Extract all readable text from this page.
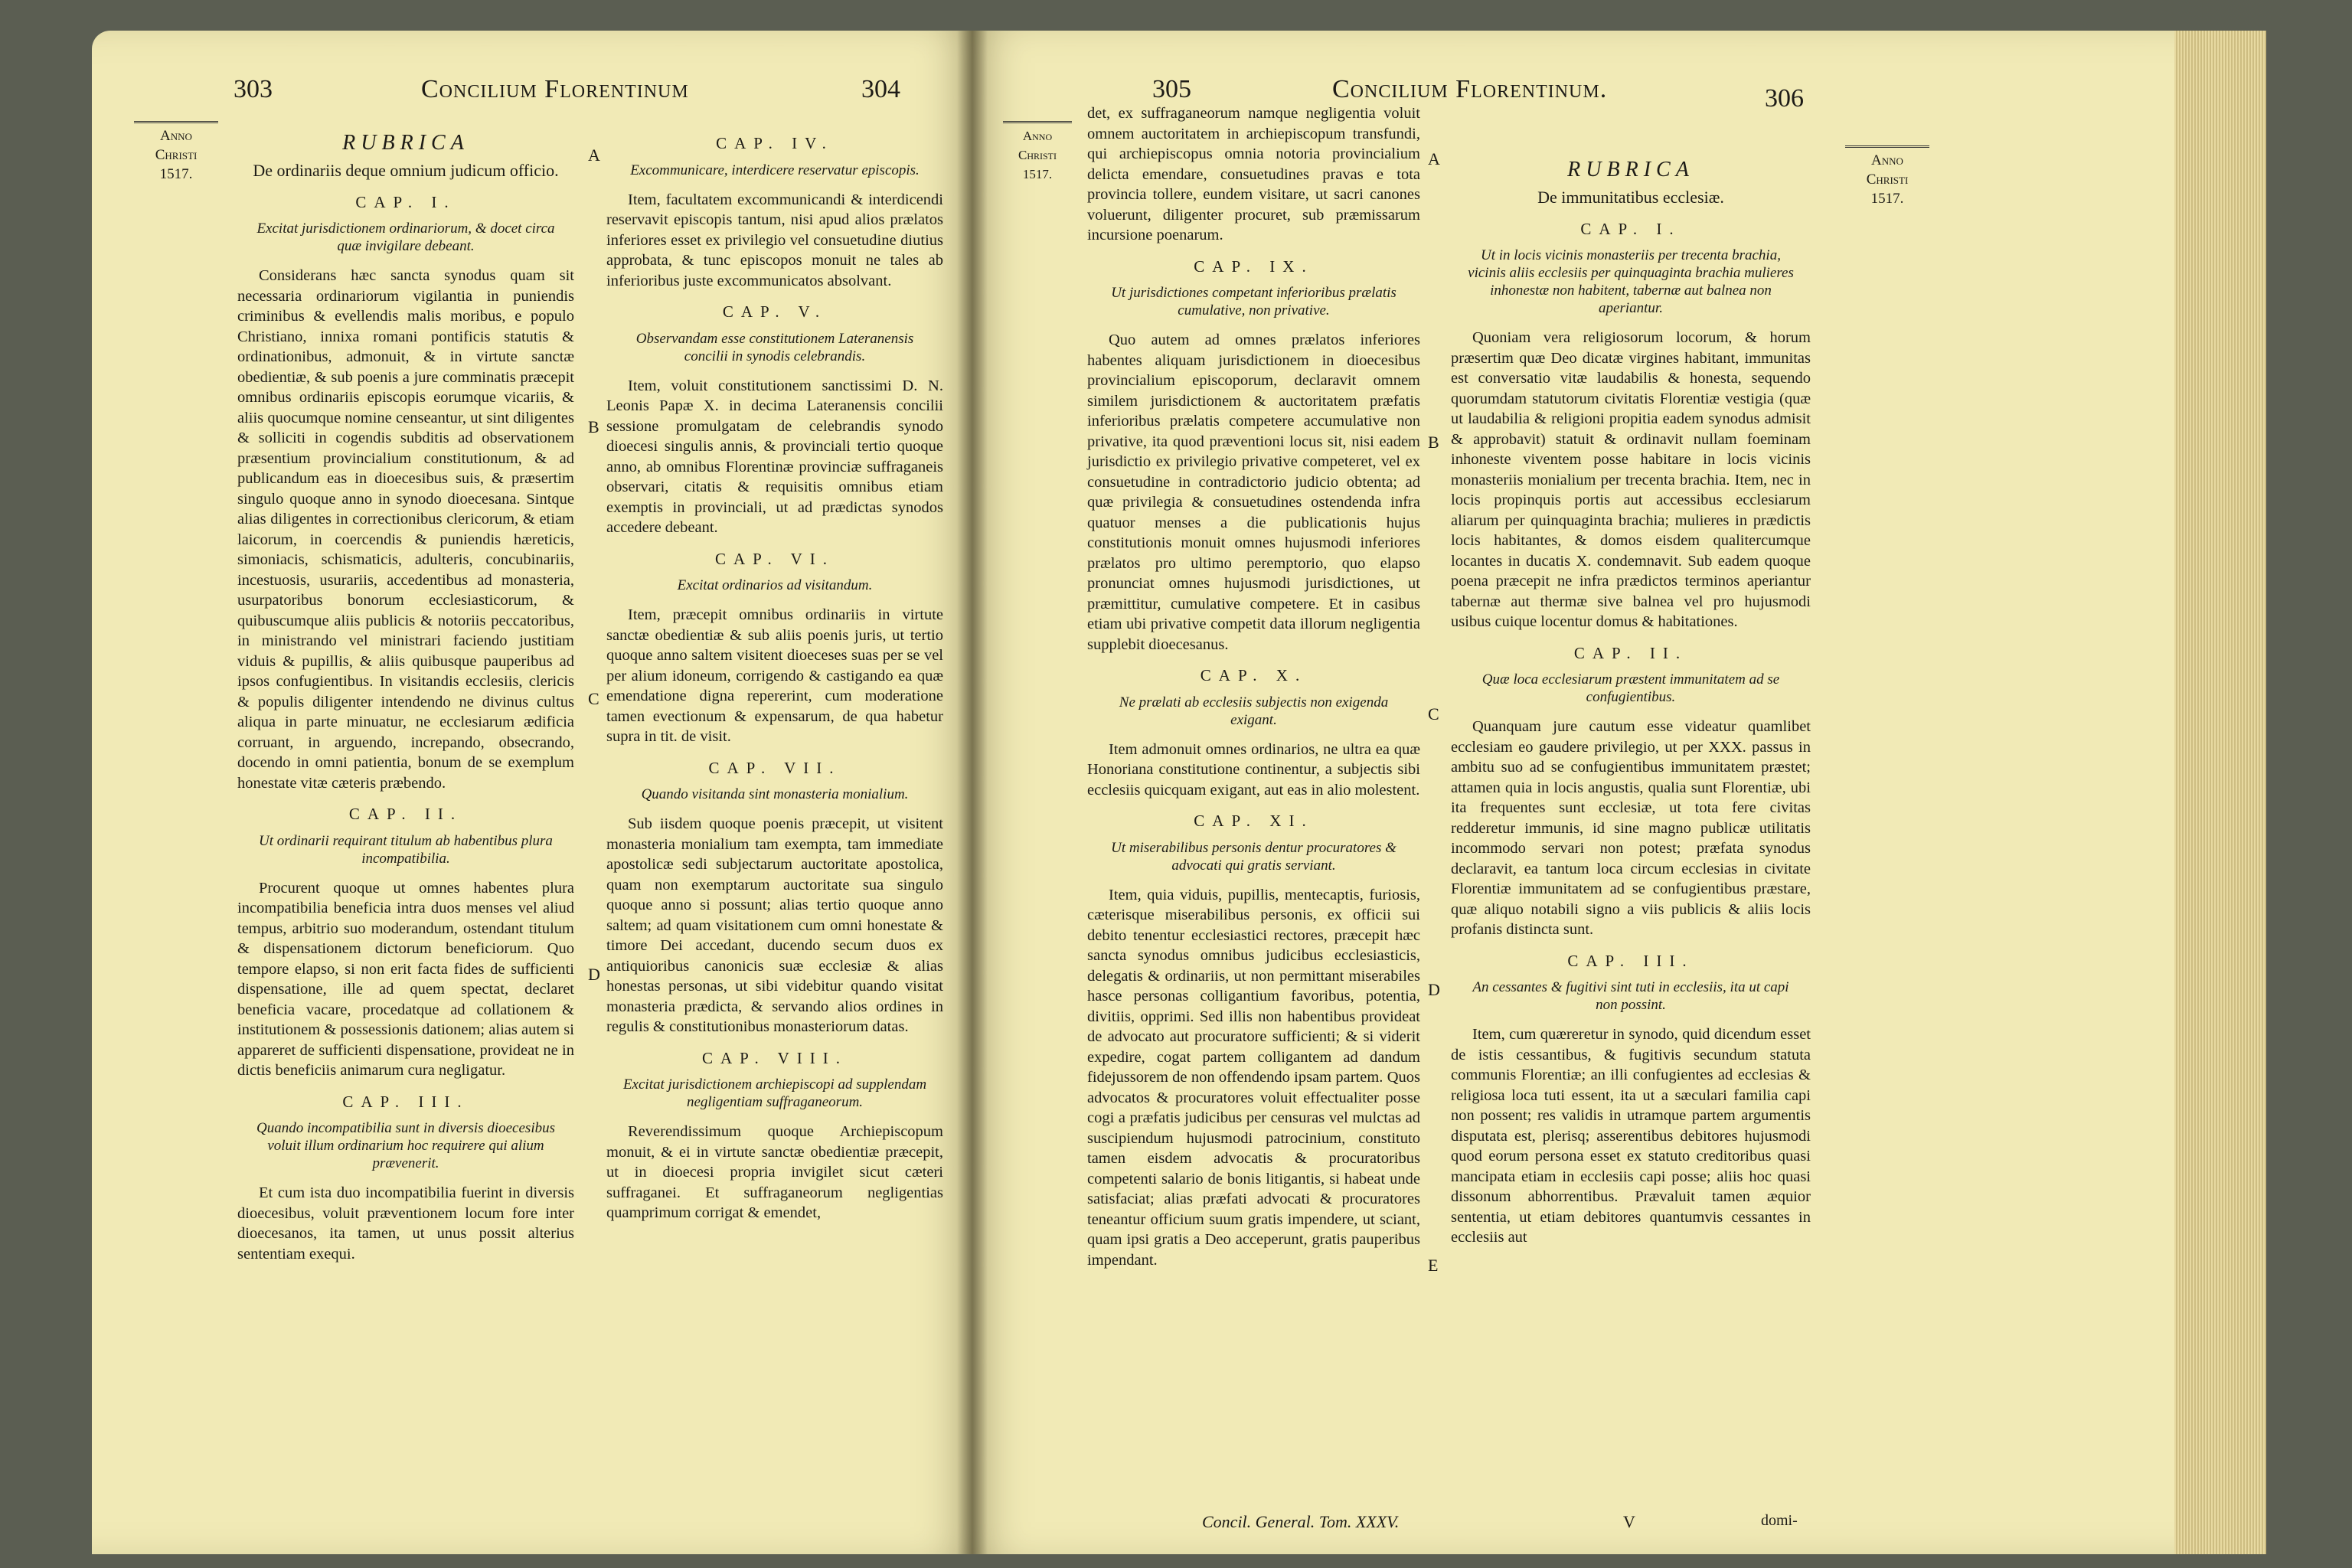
303	Concilium Florentinum	304
Anno
Christi
1517.
RUBRICA
De ordinariis deque omnium judicum officio.
CAP. I.
Excitat jurisdictionem ordinariorum, & docet circa quæ invigilare debeant.

Considerans hæc sancta synodus quam sit necessaria ordinariorum vigilantia in puniendis criminibus & evellendis malis moribus, e populo Christiano, innixa romani pontificis statutis & ordinationibus, admonuit, & in virtute sanctæ obedientiæ, & sub poenis a jure comminatis præcepit omnibus ordinariis episcopis eorumque vicariis, & aliis quocumque nomine censeantur, ut sint diligentes & solliciti in cogendis subditis ad observationem præsentium provincialium constitutionum, & ad publicandum eas in dioecesibus suis, & præsertim singulo quoque anno in synodo dioecesana. Sintque alias diligentes in correctionibus clericorum, & etiam laicorum, in coercendis & puniendis hæreticis, simoniacis, schismaticis, adulteris, concubinariis, incestuosis, usurariis, accedentibus ad monasteria, usurpatoribus bonorum ecclesiasticorum, & quibuscumque aliis publicis & notoriis peccatoribus, in ministrando vel ministrari faciendo justitiam viduis & pupillis, & aliis quibusque pauperibus ad ipsos confugientibus. In visitandis ecclesiis, clericis & populis diligenter intendendo ne divinus cultus aliqua in parte minuatur, ne ecclesiarum ædificia corruant, in arguendo, increpando, obsecrando, docendo in omni patientia, bonum de se exemplum honestate vitæ cæteris præbendo.

CAP. II.
Ut ordinarii requirant titulum ab habentibus plura incompatibilia.

Procurent quoque ut omnes habentes plura incompatibilia beneficia intra duos menses vel aliud tempus, arbitrio suo moderandum, ostendant titulum & dispensationem dictorum beneficiorum. Quo tempore elapso, si non erit facta fides de sufficienti dispensatione, ille ad quem spectat, declaret beneficia vacare, procedatque ad collationem & institutionem & possessionis dationem; alias autem si appareret de sufficienti dispensatione, provideat ne in dictis beneficiis animarum cura negligatur.

CAP. III.
Quando incompatibilia sunt in diversis dioecesibus voluit illum ordinarium hoc requirere qui alium prævenerit.

Et cum ista duo incompatibilia fuerint in diversis dioecesibus, voluit præventionem locum fore inter dioecesanos, ita tamen, ut unus possit alterius sententiam exequi.

A
B
C
D
CAP. IV.
Excommunicare, interdicere reservatur episcopis.

Item, facultatem excommunicandi & interdicendi reservavit episcopis tantum, nisi apud alios prælatos inferiores esset ex privilegio vel consuetudine diutius approbata, & tunc episcopos monuit ne tales ab inferioribus juste excommunicatos absolvant.

CAP. V.
Observandam esse constitutionem Lateranensis concilii in synodis celebrandis.

Item, voluit constitutionem sanctissimi D. N. Leonis Papæ X. in decima Lateranensis concilii sessione promulgatam de celebrandis synodo dioecesi singulis annis, & provinciali tertio quoque anno, ab omnibus Florentinæ provinciæ suffraganeis observari, citatis & requisitis omnibus etiam exemptis in provinciali, ut ad prædictas synodos accedere debeant.

CAP. VI.
Excitat ordinarios ad visitandum.

Item, præcepit omnibus ordinariis in virtute sanctæ obedientiæ & sub aliis poenis juris, ut tertio quoque anno saltem visitent dioeceses suas per se vel per alium idoneum, corrigendo & castigando ea quæ emendatione digna repererint, cum moderatione tamen evectionum & expensarum, de qua habetur supra in tit. de visit.

CAP. VII.
Quando visitanda sint monasteria monialium.

Sub iisdem quoque poenis præcepit, ut visitent monasteria monialium tam exempta, tam immediate apostolicæ sedi subjectarum auctoritate apostolica, quam non exemptarum auctoritate sua singulo quoque anno si possunt; alias tertio quoque anno saltem; ad quam visitationem cum omni honestate & timore Dei accedant, ducendo secum duos ex antiquioribus canonicis suæ ecclesiæ & alias honestas personas, ut sibi videbitur quando visitat monasteria prædicta, & servando alios ordines in regulis & constitutionibus monasteriorum datas.

CAP. VIII.
Excitat jurisdictionem archiepiscopi ad supplendam negligentiam suffraganeorum.

Reverendissimum quoque Archiepiscopum monuit, & ei in virtute sanctæ obedientiæ præcepit, ut in dioecesi propria invigilet sicut cæteri suffraganei. Et suffraganeorum negligentias quamprimum corrigat & emendet,

305	Concilium Florentinum.	306
Anno
Christi
1517.
Anno
Christi
1517.

det, ex suffraganeorum namque negligentia voluit omnem auctoritatem in archiepiscopum transfundi, qui archiepiscopus omnia notoria provincialium delicta emendare, consuetudines pravas e tota provincia tollere, eundem visitare, ut sacri canones voluerunt, diligenter procuret, sub præmissarum incursione poenarum.

CAP. IX.
Ut jurisdictiones competant inferioribus prælatis cumulative, non privative.

Quo autem ad omnes prælatos inferiores habentes aliquam jurisdictionem in dioecesibus provincialium episcoporum, declaravit omnem similem jurisdictionem & auctoritatem præfatis inferioribus prælatis competere accumulative non privative, ita quod præventioni locus sit, nisi eadem jurisdictio ex privilegio privative competeret, vel ex consuetudine in contradictorio judicio obtenta; ad quæ privilegia & consuetudines ostendenda infra quatuor menses a die publicationis hujus constitutionis monuit omnes hujusmodi inferiores prælatos pro ultimo peremptorio, quo elapso pronunciat omnes hujusmodi jurisdictiones, ut præmittitur, cumulative competere. Et in casibus etiam ubi privative competit data illorum negligentia supplebit dioecesanus.

CAP. X.
Ne prælati ab ecclesiis subjectis non exigenda exigant.

Item admonuit omnes ordinarios, ne ultra ea quæ Honoriana constitutione continentur, a subjectis sibi ecclesiis quicquam exigant, aut eas in alio molestent.

CAP. XI.
Ut miserabilibus personis dentur procuratores & advocati qui gratis serviant.

Item, quia viduis, pupillis, mentecaptis, furiosis, cæterisque miserabilibus personis, ex officii sui debito tenentur ecclesiastici rectores, præcepit hæc sancta synodus omnibus judicibus ecclesiasticis, delegatis & ordinariis, ut non permittant miserabiles hasce personas colligantium favoribus, potentia, divitiis, opprimi. Sed illis non habentibus provideat de advocato aut procuratore sufficienti; & si viderit expedire, cogat partem colligantem ad dandum fidejussorem de non offendendo ipsam partem. Quos advocatos & procuratores voluit effectualiter posse cogi a præfatis judicibus per censuras vel mulctas ad suscipiendum hujusmodi patrocinium, constituto tamen eisdem advocatis & procuratoribus competenti salario de bonis litigantis, si habeat unde satisfaciat; alias præfati advocati & procuratores teneantur officium suum gratis impendere, ut sciant, quam ipsi gratis a Deo acceperunt, gratis pauperibus impendant.

A
B
C
D
E
RUBRICA
De immunitatibus ecclesiæ.
CAP. I.
Ut in locis vicinis monasteriis per trecenta brachia, vicinis aliis ecclesiis per quinquaginta brachia mulieres inhonestæ non habitent, tabernæ aut balnea non aperiantur.

Quoniam vera religiosorum locorum, & horum præsertim quæ Deo dicatæ virgines habitant, immunitas est conversatio vitæ laudabilis & honesta, sequendo quorumdam statutorum civitatis Florentiæ vestigia (quæ ut laudabilia & religioni propitia eadem synodus admisit & approbavit) statuit & ordinavit nullam foeminam inhoneste viventem posse habitare in locis vicinis monasteriis monialium per trecenta brachia. Item, nec in locis propinquis portis aut accessibus ecclesiarum aliarum per quinquaginta brachia; mulieres in prædictis locis habitantes, & domos eisdem qualitercumque locantes in ducatis X. condemnavit. Sub eadem quoque poena præcepit ne infra prædictos terminos aperiantur tabernæ aut thermæ sive balnea vel pro hujusmodi usibus cuique locentur domus & habitationes.

CAP. II.
Quæ loca ecclesiarum præstent immunitatem ad se confugientibus.

Quanquam jure cautum esse videatur quamlibet ecclesiam eo gaudere privilegio, ut per XXX. passus in ambitu suo ad se confugientibus immunitatem præstet; attamen quia in locis angustis, qualia sunt Florentiæ, ubi ita frequentes sunt ecclesiæ, ut tota fere civitas redderetur immunis, id sine magno publicæ utilitatis incommodo servari non potest; præfata synodus declaravit, ea tantum loca circum ecclesias in civitate Florentiæ immunitatem ad se confugientibus præstare, quæ aliquo notabili signo a viis publicis & aliis locis profanis distincta sunt.

CAP. III.
An cessantes & fugitivi sint tuti in ecclesiis, ita ut capi non possint.

Item, cum quæreretur in synodo, quid dicendum esset de istis cessantibus, & fugitivis secundum statuta communis Florentiæ; an illi confugientes ad ecclesias & religiosa loca tuti essent, ita ut a sæculari familia capi non possent; res validis in utramque partem argumentis disputata est, plerisq; asserentibus debitores hujusmodi quod eorum persona esset ex statuto creditoribus quasi mancipata etiam in ecclesiis capi posse; aliis hoc quasi dissonum abhorrentibus. Prævaluit tamen æquior sententia, ut etiam debitores quantumvis cessantes in ecclesiis aut

Concil. General. Tom. XXXV.	V	domi-
